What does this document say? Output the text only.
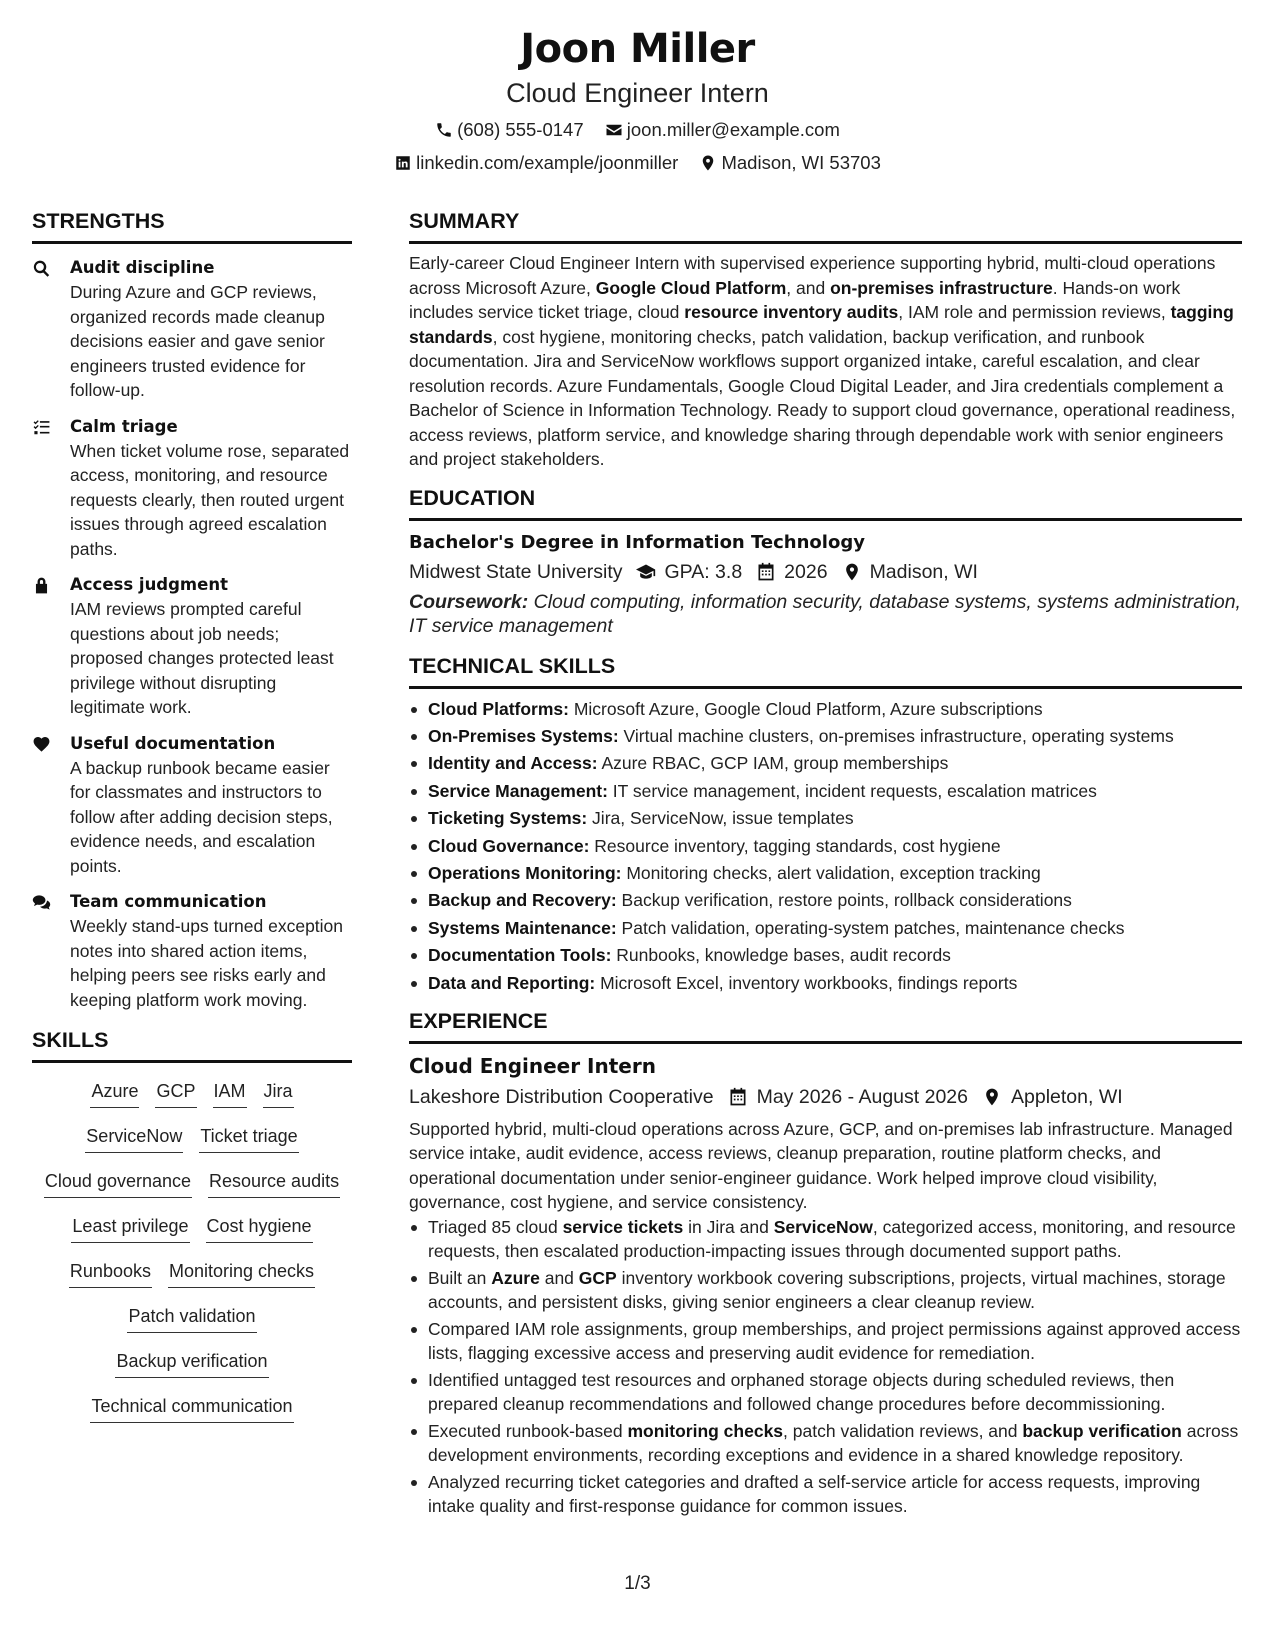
Joon Miller
Cloud Engineer Intern
(608) 555-0147
joon.miller@example.com
linkedin.com/example/joonmiller
Madison, WI 53703
STRENGTHS
Audit discipline
During Azure and GCP reviews, organized records made cleanup decisions easier and gave senior engineers trusted evidence for follow-up.
Calm triage
When ticket volume rose, separated access, monitoring, and resource requests clearly, then routed urgent issues through agreed escalation paths.
Access judgment
IAM reviews prompted careful questions about job needs; proposed changes protected least privilege without disrupting legitimate work.
Useful documentation
A backup runbook became easier for classmates and instructors to follow after adding decision steps, evidence needs, and escalation points.
Team communication
Weekly stand-ups turned exception notes into shared action items, helping peers see risks early and keeping platform work moving.
SKILLS
Azure GCP IAM Jira
ServiceNow Ticket triage
Cloud governance Resource audits
Least privilege Cost hygiene
Runbooks Monitoring checks
Patch validation
Backup verification
Technical communication
SUMMARY
Early-career Cloud Engineer Intern with supervised experience supporting hybrid, multi-cloud operations across Microsoft Azure, Google Cloud Platform, and on-premises infrastructure. Hands-on work includes service ticket triage, cloud resource inventory audits, IAM role and permission reviews, tagging standards, cost hygiene, monitoring checks, patch validation, backup verification, and runbook documentation. Jira and ServiceNow workflows support organized intake, careful escalation, and clear resolution records. Azure Fundamentals, Google Cloud Digital Leader, and Jira credentials complement a Bachelor of Science in Information Technology. Ready to support cloud governance, operational readiness, access reviews, platform service, and knowledge sharing through dependable work with senior engineers and project stakeholders.
EDUCATION
Bachelor's Degree in Information Technology
Midwest State University GPA: 3.8 2026 Madison, WI
Coursework: Cloud computing, information security, database systems, systems administration, IT service management
TECHNICAL SKILLS
Cloud Platforms: Microsoft Azure, Google Cloud Platform, Azure subscriptions
On-Premises Systems: Virtual machine clusters, on-premises infrastructure, operating systems
Identity and Access: Azure RBAC, GCP IAM, group memberships
Service Management: IT service management, incident requests, escalation matrices
Ticketing Systems: Jira, ServiceNow, issue templates
Cloud Governance: Resource inventory, tagging standards, cost hygiene
Operations Monitoring: Monitoring checks, alert validation, exception tracking
Backup and Recovery: Backup verification, restore points, rollback considerations
Systems Maintenance: Patch validation, operating-system patches, maintenance checks
Documentation Tools: Runbooks, knowledge bases, audit records
Data and Reporting: Microsoft Excel, inventory workbooks, findings reports
EXPERIENCE
Cloud Engineer Intern
Lakeshore Distribution Cooperative May 2026 - August 2026 Appleton, WI
Supported hybrid, multi-cloud operations across Azure, GCP, and on-premises lab infrastructure. Managed service intake, audit evidence, access reviews, cleanup preparation, routine platform checks, and operational documentation under senior-engineer guidance. Work helped improve cloud visibility, governance, cost hygiene, and service consistency.
Triaged 85 cloud service tickets in Jira and ServiceNow, categorized access, monitoring, and resource requests, then escalated production-impacting issues through documented support paths.
Built an Azure and GCP inventory workbook covering subscriptions, projects, virtual machines, storage accounts, and persistent disks, giving senior engineers a clear cleanup review.
Compared IAM role assignments, group memberships, and project permissions against approved access lists, flagging excessive access and preserving audit evidence for remediation.
Identified untagged test resources and orphaned storage objects during scheduled reviews, then prepared cleanup recommendations and followed change procedures before decommissioning.
Executed runbook-based monitoring checks, patch validation reviews, and backup verification across development environments, recording exceptions and evidence in a shared knowledge repository.
Analyzed recurring ticket categories and drafted a self-service article for access requests, improving intake quality and first-response guidance for common issues.
1/3
